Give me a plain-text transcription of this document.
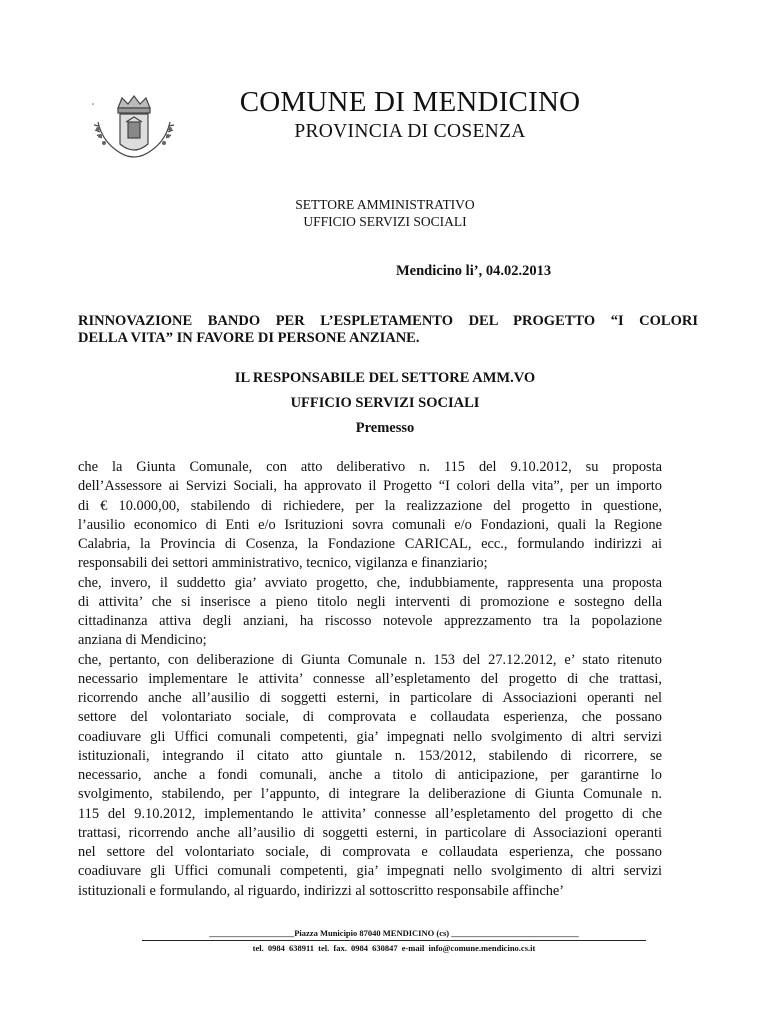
COMUNE DI MENDICINO
PROVINCIA DI COSENZA
SETTORE AMMINISTRATIVO
UFFICIO SERVIZI SOCIALI
Mendicino li’, 04.02.2013
RINNOVAZIONE BANDO PER L’ESPLETAMENTO DEL PROGETTO “I COLORI
DELLA VITA” IN FAVORE DI PERSONE ANZIANE.
IL RESPONSABILE DEL SETTORE AMM.VO
UFFICIO SERVIZI SOCIALI
Premesso
che la Giunta Comunale, con atto deliberativo n. 115 del 9.10.2012, su proposta
dell’Assessore ai Servizi Sociali, ha approvato il Progetto “I colori della vita”, per un importo
di € 10.000,00, stabilendo di richiedere, per la realizzazione del progetto in questione,
l’ausilio economico di Enti e/o Isrituzioni sovra comunali e/o Fondazioni, quali la Regione
Calabria, la Provincia di Cosenza, la Fondazione CARICAL, ecc., formulando indirizzi ai
responsabili dei settori amministrativo, tecnico, vigilanza e finanziario;
che, invero, il suddetto gia’ avviato progetto, che, indubbiamente, rappresenta una proposta
di attivita’ che si inserisce a pieno titolo negli interventi di promozione e sostegno della
cittadinanza attiva degli anziani, ha riscosso notevole apprezzamento tra la popolazione
anziana di Mendicino;
che, pertanto, con deliberazione di Giunta Comunale n. 153 del 27.12.2012, e’ stato ritenuto
necessario implementare le attivita’ connesse all’espletamento del progetto di che trattasi,
ricorrendo anche all’ausilio di soggetti esterni, in particolare di Associazioni operanti nel
settore del volontariato sociale, di comprovata e collaudata esperienza, che possano
coadiuvare gli Uffici comunali competenti, gia’ impegnati nello svolgimento di altri servizi
istituzionali, integrando il citato atto giuntale n. 153/2012, stabilendo di ricorrere, se
necessario, anche a fondi comunali, anche a titolo di anticipazione, per garantirne lo
svolgimento, stabilendo, per l’appunto, di integrare la deliberazione di Giunta Comunale n.
115 del 9.10.2012, implementando le attivita’ connesse all’espletamento del progetto di che
trattasi, ricorrendo anche all’ausilio di soggetti esterni, in particolare di Associazioni operanti
nel settore del volontariato sociale, di comprovata e collaudata esperienza, che possano
coadiuvare gli Uffici comunali competenti, gia’ impegnati nello svolgimento di altri servizi
istituzionali e formulando, al riguardo, indirizzi al sottoscritto responsabile affinche’
____________________Piazza Municipio 87040 MENDICINO (cs) ______________________________
tel. 0984 638911 tel. fax. 0984 630847 e-mail info@comune.mendicino.cs.it
